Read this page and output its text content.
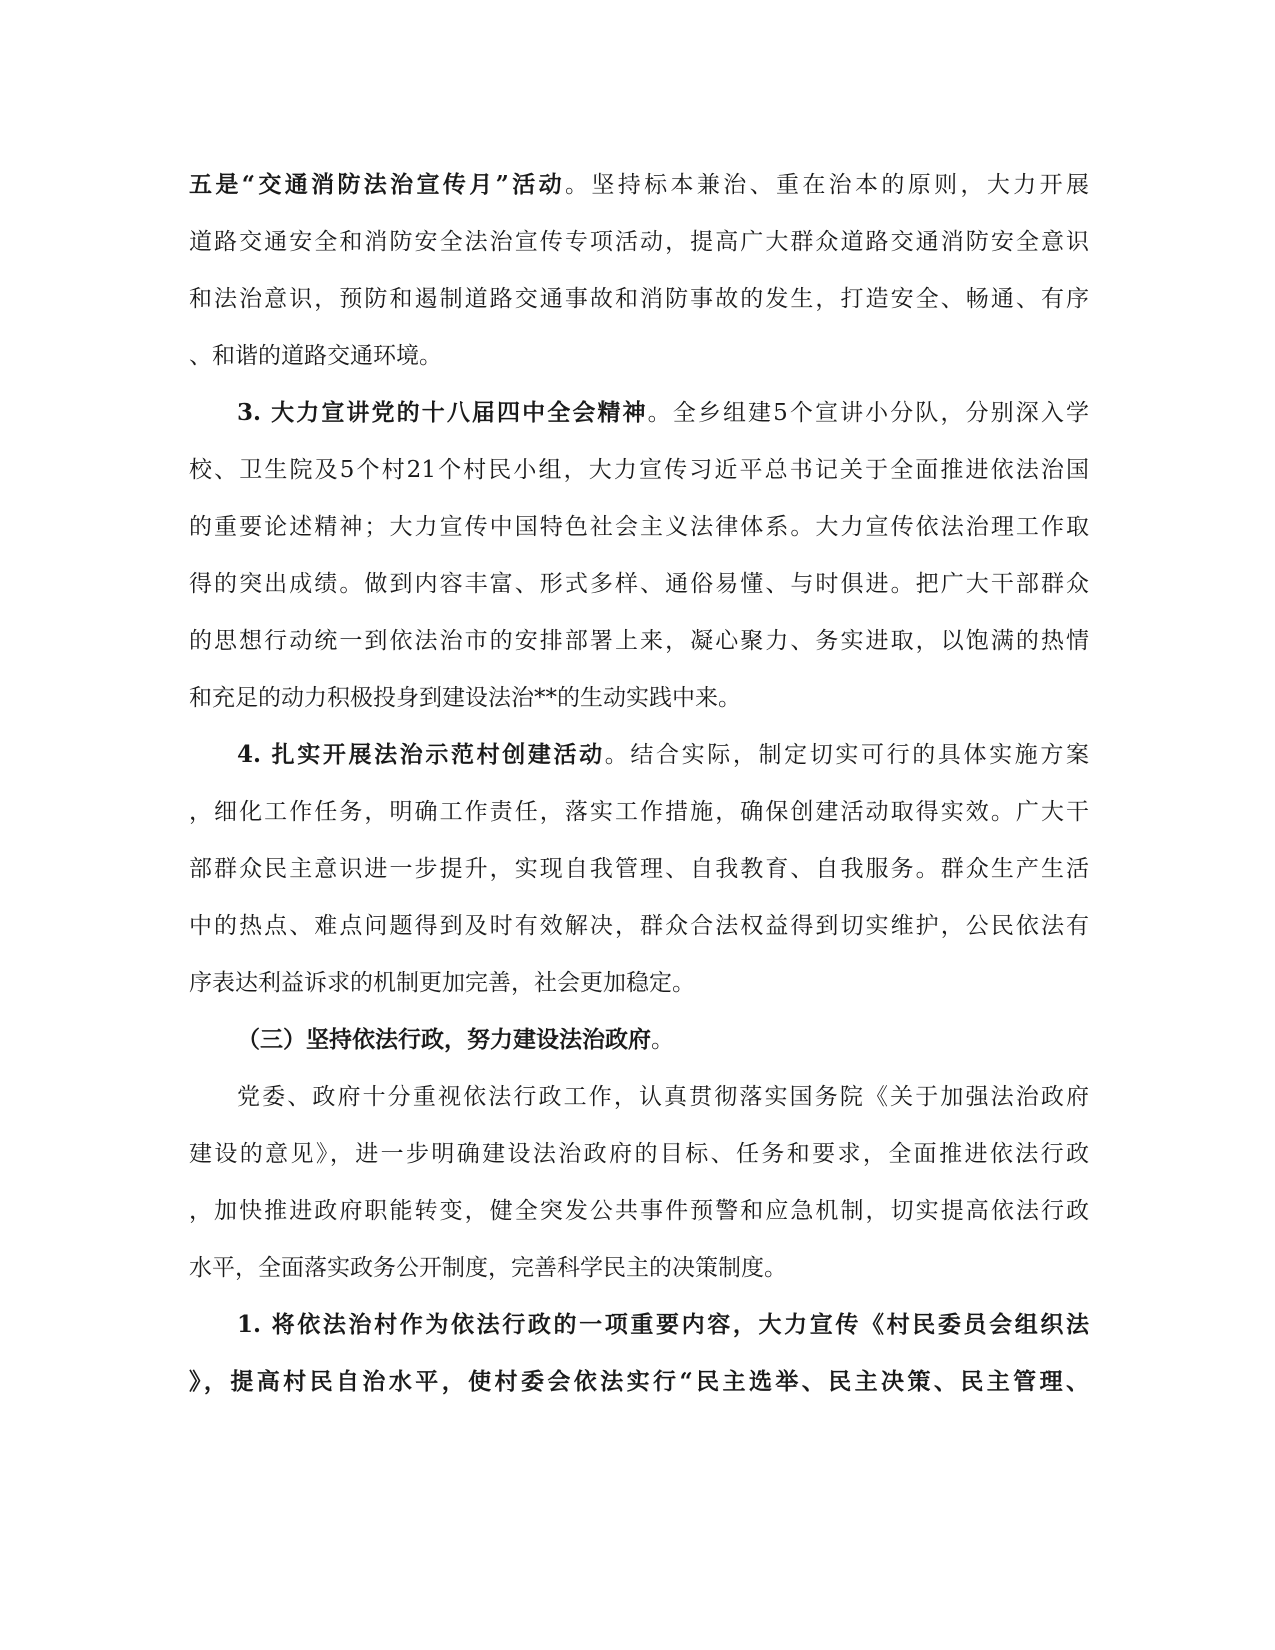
五是“交通消防法治宣传月”活动。坚持标本兼治、重在治本的原则，大力开展
道路交通安全和消防安全法治宣传专项活动，提高广大群众道路交通消防安全意识
和法治意识，预防和遏制道路交通事故和消防事故的发生，打造安全、畅通、有序
、和谐的道路交通环境。
3. 大力宣讲党的十八届四中全会精神。全乡组建5个宣讲小分队，分别深入学
校、卫生院及5个村21个村民小组，大力宣传习近平总书记关于全面推进依法治国
的重要论述精神；大力宣传中国特色社会主义法律体系。大力宣传依法治理工作取
得的突出成绩。做到内容丰富、形式多样、通俗易懂、与时俱进。把广大干部群众
的思想行动统一到依法治市的安排部署上来，凝心聚力、务实进取，以饱满的热情
和充足的动力积极投身到建设法治**的生动实践中来。
4. 扎实开展法治示范村创建活动。结合实际，制定切实可行的具体实施方案
，细化工作任务，明确工作责任，落实工作措施，确保创建活动取得实效。广大干
部群众民主意识进一步提升，实现自我管理、自我教育、自我服务。群众生产生活
中的热点、难点问题得到及时有效解决，群众合法权益得到切实维护，公民依法有
序表达利益诉求的机制更加完善，社会更加稳定。
（三）坚持依法行政，努力建设法治政府。
党委、政府十分重视依法行政工作，认真贯彻落实国务院《关于加强法治政府
建设的意见》，进一步明确建设法治政府的目标、任务和要求，全面推进依法行政
，加快推进政府职能转变，健全突发公共事件预警和应急机制，切实提高依法行政
水平，全面落实政务公开制度，完善科学民主的决策制度。
1. 将依法治村作为依法行政的一项重要内容，大力宣传《村民委员会组织法
》，提高村民自治水平，使村委会依法实行“民主选举、民主决策、民主管理、
